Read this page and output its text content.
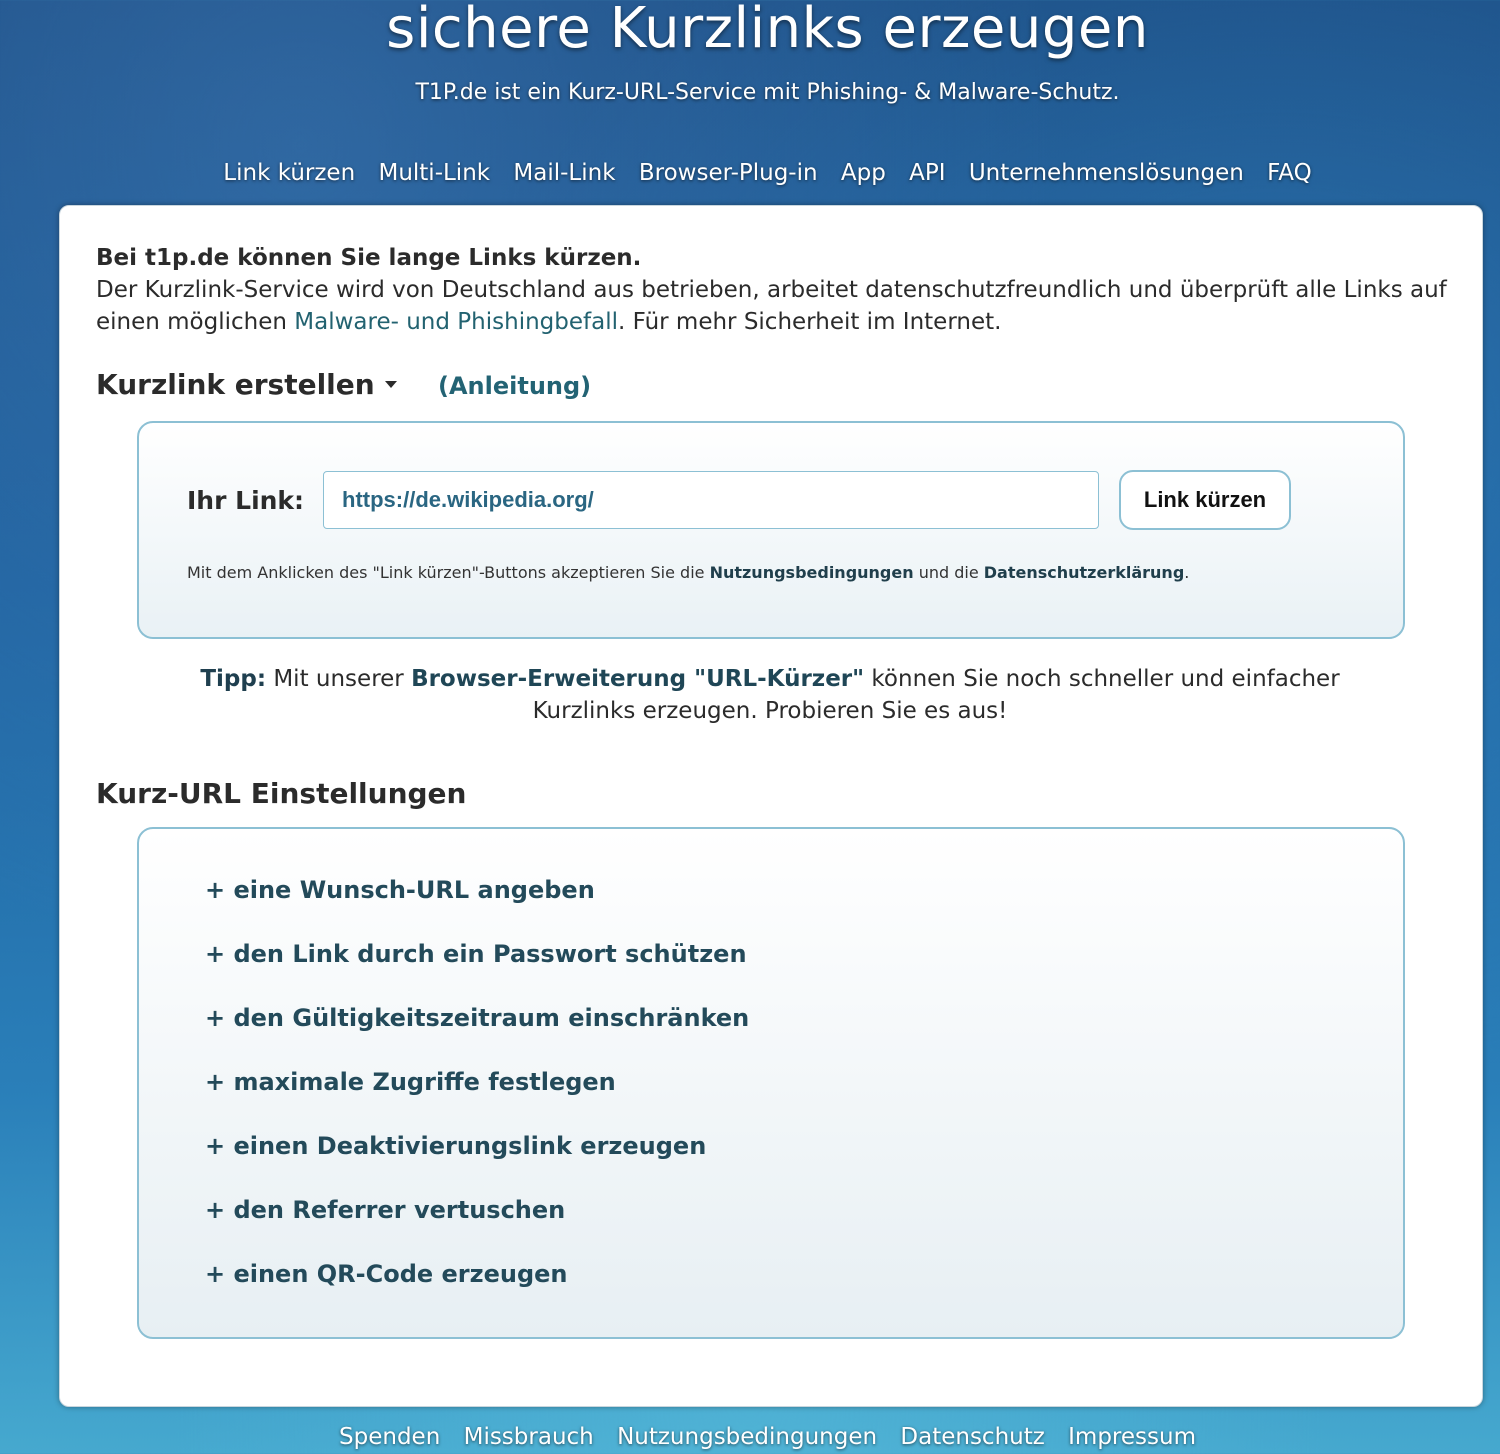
sichere Kurzlinks erzeugen
T1P.de ist ein Kurz-URL-Service mit Phishing- & Malware-Schutz.
Link kürzen Multi-Link Mail-Link Browser-Plug-in App API Unternehmenslösungen FAQ
Bei t1p.de können Sie lange Links kürzen.
Der Kurzlink-Service wird von Deutschland aus betrieben, arbeitet datenschutzfreundlich und überprüft alle Links auf einen möglichen Malware- und Phishingbefall. Für mehr Sicherheit im Internet.
Kurzlink erstellen	(Anleitung)
Ihr Link:
https://de.wikipedia.org/	Link kürzen
Mit dem Anklicken des "Link kürzen"-Buttons akzeptieren Sie die Nutzungsbedingungen und die Datenschutzerklärung.
Tipp: Mit unserer Browser-Erweiterung "URL-Kürzer" können Sie noch schneller und einfacher Kurzlinks erzeugen. Probieren Sie es aus!
Kurz-URL Einstellungen
+ eine Wunsch-URL angeben
+ den Link durch ein Passwort schützen
+ den Gültigkeitszeitraum einschränken
+ maximale Zugriffe festlegen
+ einen Deaktivierungslink erzeugen
+ den Referrer vertuschen
+ einen QR-Code erzeugen
Spenden Missbrauch Nutzungsbedingungen Datenschutz Impressum
